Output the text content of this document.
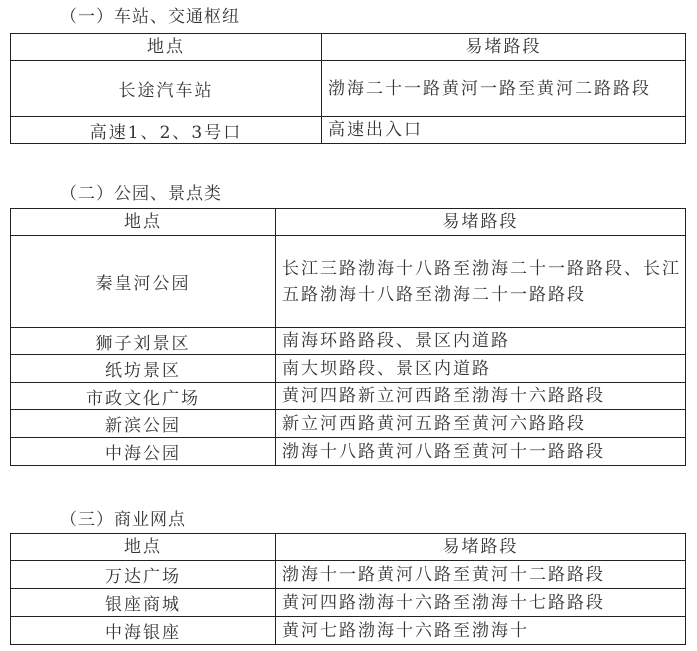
（一）车站、交通枢纽
地点	易堵路段
长途汽车站	渤海二十一路黄河一路至黄河二路路段
高速1、2、3号口	高速出入口
（二）公园、景点类
地点	易堵路段
秦皇河公园	长江三路渤海十八路至渤海二十一路路段、长江五路渤海十八路至渤海二十一路路段
狮子刘景区	南海环路路段、景区内道路
纸坊景区	南大坝路段、景区内道路
市政文化广场	黄河四路新立河西路至渤海十六路路段
新滨公园	新立河西路黄河五路至黄河六路路段
中海公园	渤海十八路黄河八路至黄河十一路路段
（三）商业网点
地点	易堵路段
万达广场	渤海十一路黄河八路至黄河十二路路段
银座商城	黄河四路渤海十六路至渤海十七路路段
中海银座	黄河七路渤海十六路至渤海十
